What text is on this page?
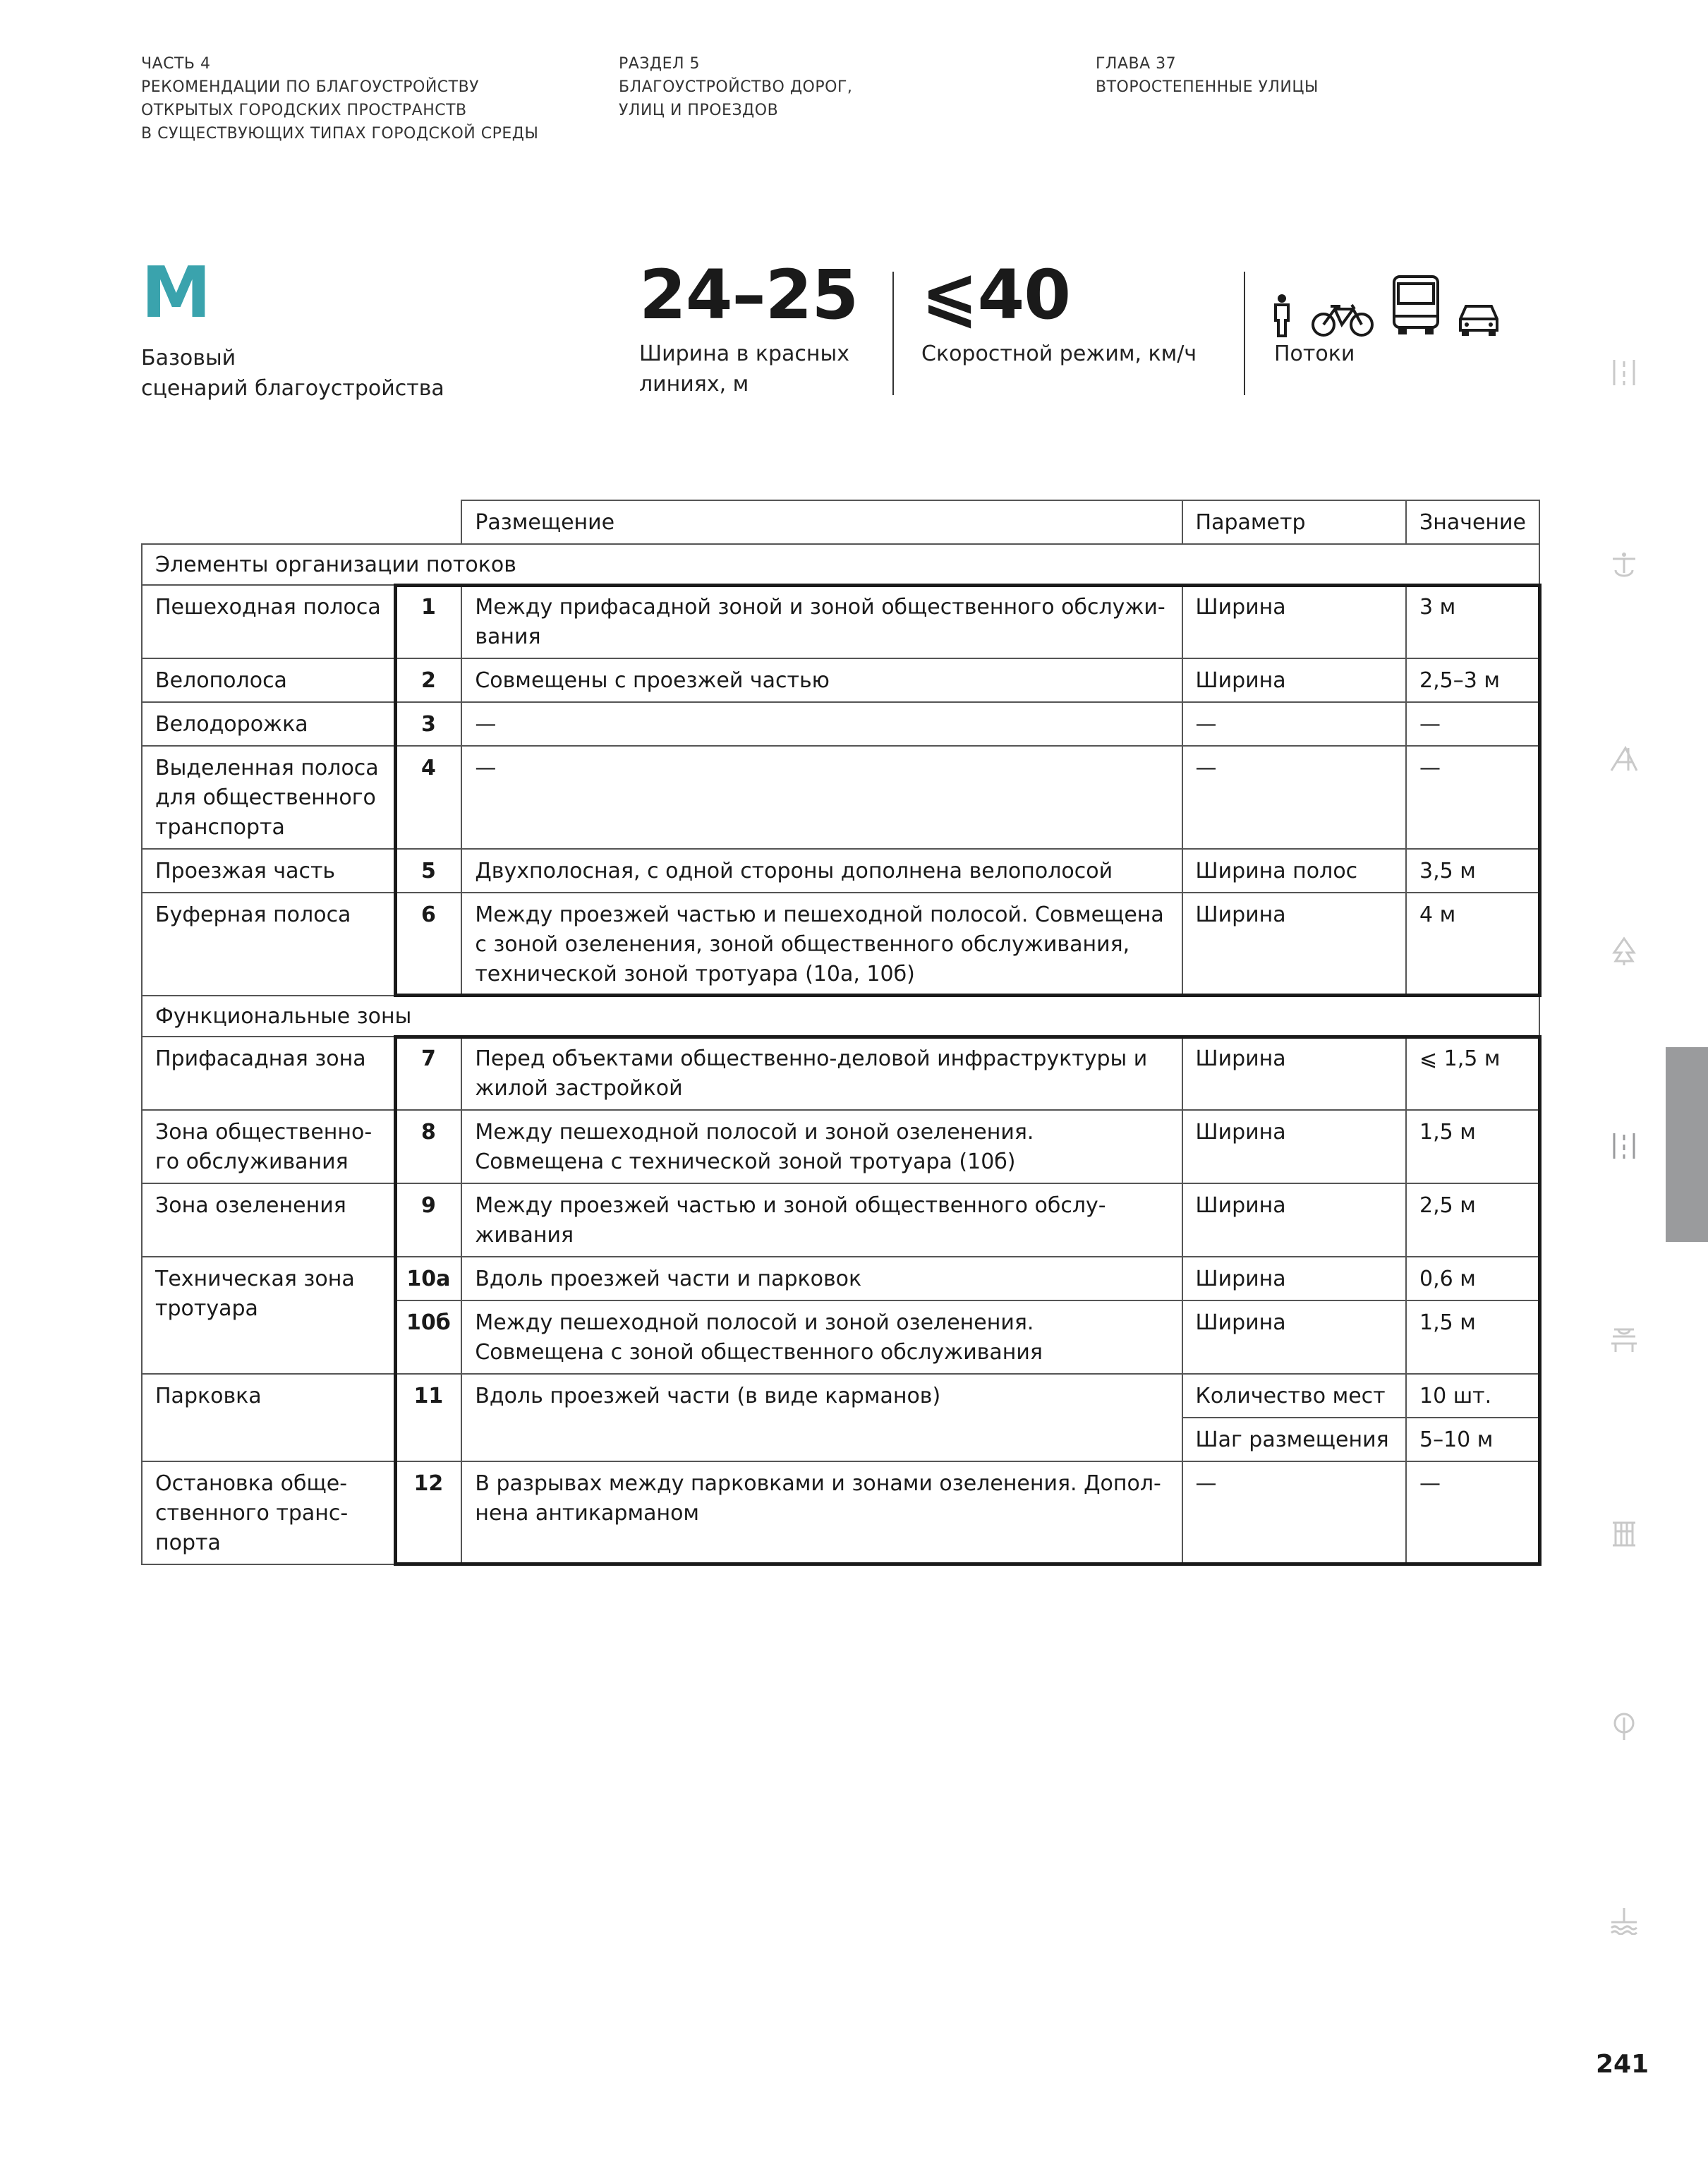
ЧАСТЬ 4
РЕКОМЕНДАЦИИ ПО БЛАГОУСТРОЙСТВУ
ОТКРЫТЫХ ГОРОДСКИХ ПРОСТРАНСТВ
В СУЩЕСТВУЮЩИХ ТИПАХ ГОРОДСКОЙ СРЕДЫ
РАЗДЕЛ 5
БЛАГОУСТРОЙСТВО ДОРОГ,
УЛИЦ И ПРОЕЗДОВ
ГЛАВА 37
ВТОРОСТЕПЕННЫЕ УЛИЦЫ
М
Базовый
сценарий благоустройства
24–25
Ширина в красных
линиях, м
⩽40
Скоростной режим, км/ч	Потоки
		Размещение	Параметр	Значение
Элементы организации потоков				
Пешеходная полоса	1	Между прифасадной зоной и зоной общественного обслужи-вания	Ширина	3 м
Велополоса	2	Совмещены с проезжей частью	Ширина	2,5–3 м
Велодорожка	3	—	—	—
Выделенная полоса для общественного транспорта	4	—	—	—
Проезжая часть	5	Двухполосная, с одной стороны дополнена велополосой	Ширина полос	3,5 м
Буферная полоса	6	Между проезжей частью и пешеходной полосой. Совмещена с зоной озеленения, зоной общественного обслуживания, технической зоной тротуара (10а, 10б)	Ширина	4 м
Функциональные зоны				
Прифасадная зона	7	Перед объектами общественно-деловой инфраструктуры и жилой застройкой	Ширина	⩽ 1,5 м
Зона общественно-го обслуживания	8	Между пешеходной полосой и зоной озеленения. Совмещена с технической зоной тротуара (10б)	Ширина	1,5 м
Зона озеленения	9	Между проезжей частью и зоной общественного обслу-живания	Ширина	2,5 м
Техническая зона тротуара	10а	Вдоль проезжей части и парковок	Ширина	0,6 м
	10б	Между пешеходной полосой и зоной озеленения. Совмещена с зоной общественного обслуживания	Ширина	1,5 м
Парковка	11	Вдоль проезжей части (в виде карманов)	Количество мест	10 шт.
			Шаг размещения	5–10 м
Остановка обще-ственного транс-порта	12	В разрывах между парковками и зонами озеленения. Допол-нена антикарманом	—	—
241
